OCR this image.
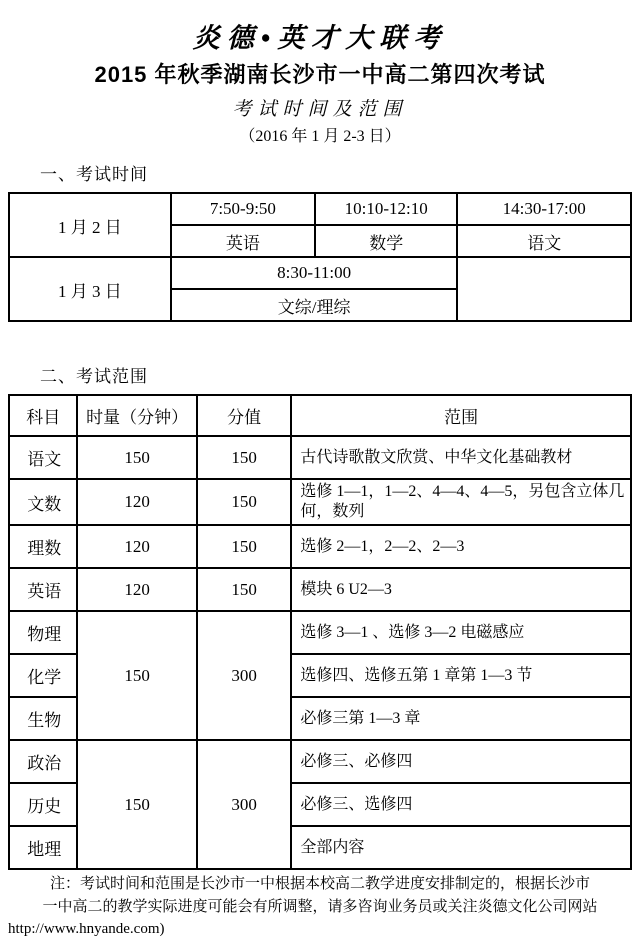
炎德•英才大联考
2015 年秋季湖南长沙市一中高二第四次考试
考试时间及范围
（2016 年 1 月 2-3 日）
一、考试时间
1 月 2 日	7:50-9:50	10:10-12:10	14:30-17:00
	英语	数学	语文
1 月 3 日	8:30-11:00		
	文综/理综		
二、考试范围
科目	时量（分钟）	分值	范围
语文	150	150	古代诗歌散文欣赏、中华文化基础教材
文数	120	150	选修 1—1，1—2、4—4、4—5，另包含立体几何，数列
理数	120	150	选修 2—1，2—2、2—3
英语	120	150	模块 6 U2—3
物理	150	300	选修 3—1 、选修 3—2 电磁感应
化学			选修四、选修五第 1 章第 1—3 节
生物			必修三第 1—3 章
政治	150	300	必修三、必修四
历史			必修三、选修四
地理			全部内容
注：考试时间和范围是长沙市一中根据本校高二教学进度安排制定的，根据长沙市
一中高二的教学实际进度可能会有所调整，请多咨询业务员或关注炎德文化公司网站
http://www.hnyande.com)
